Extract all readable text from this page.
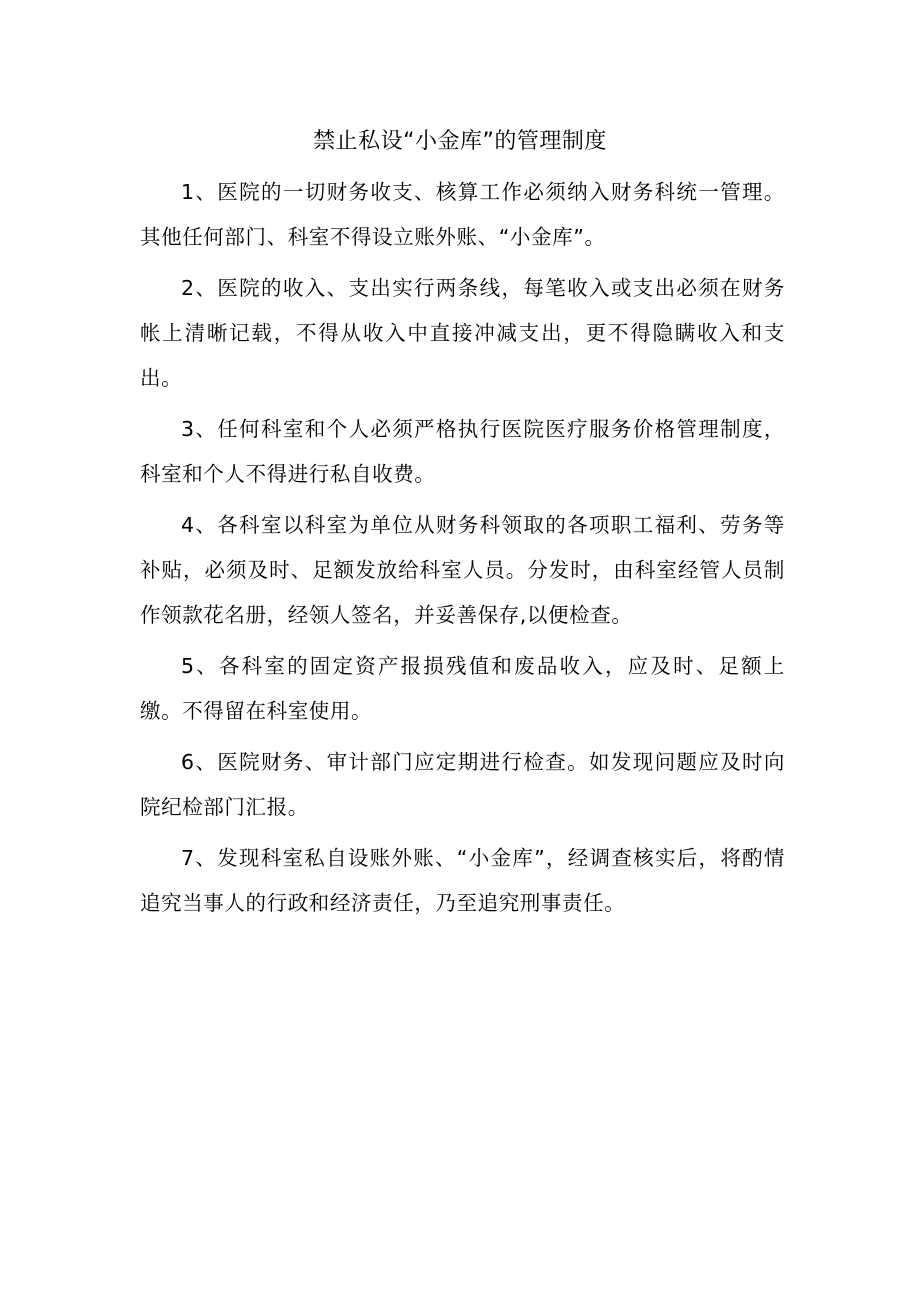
禁止私设“小金库”的管理制度

1、医院的一切财务收支、核算工作必须纳入财务科统一管理。其他任何部门、科室不得设立账外账、“小金库”。

2、医院的收入、支出实行两条线，每笔收入或支出必须在财务帐上清晰记载，不得从收入中直接冲减支出，更不得隐瞒收入和支出。

3、任何科室和个人必须严格执行医院医疗服务价格管理制度，科室和个人不得进行私自收费。

4、各科室以科室为单位从财务科领取的各项职工福利、劳务等补贴，必须及时、足额发放给科室人员。分发时，由科室经管人员制作领款花名册，经领人签名，并妥善保存,以便检查。

5、各科室的固定资产报损残值和废品收入，应及时、足额上缴。不得留在科室使用。

6、医院财务、审计部门应定期进行检查。如发现问题应及时向院纪检部门汇报。

7、发现科室私自设账外账、“小金库”，经调查核实后，将酌情追究当事人的行政和经济责任，乃至追究刑事责任。
